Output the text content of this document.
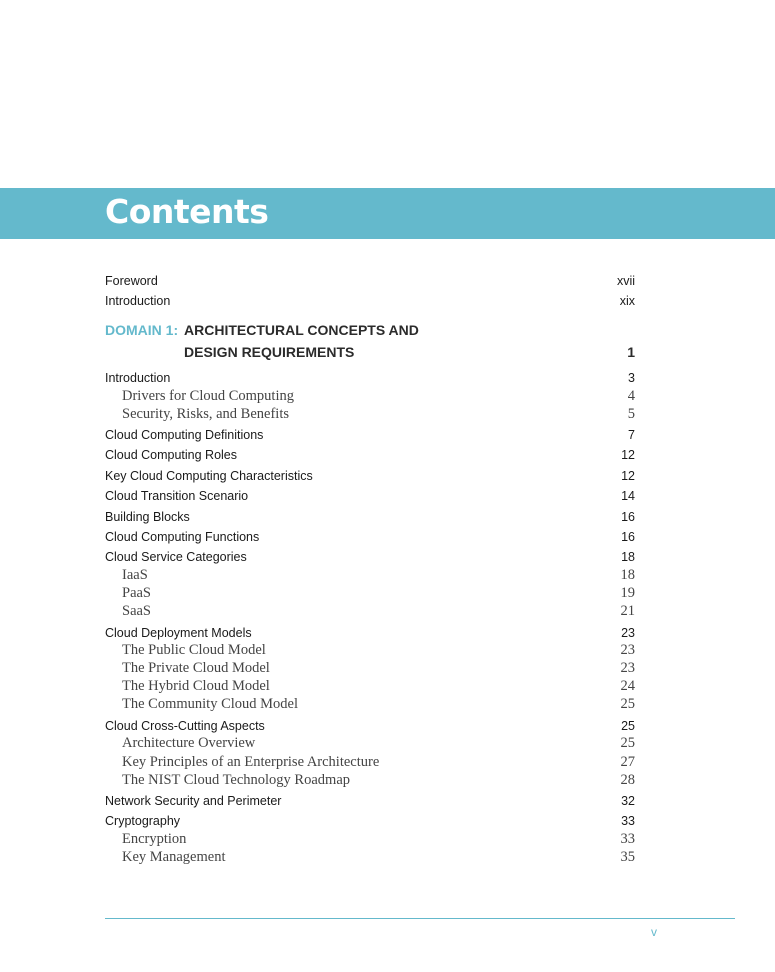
Contents
Foreword	xvii
Introduction	xix
DOMAIN 1: ARCHITECTURAL CONCEPTS AND
DESIGN REQUIREMENTS	1
Introduction	3
Drivers for Cloud Computing	4
Security, Risks, and Benefits	5
Cloud Computing Definitions	7
Cloud Computing Roles	12
Key Cloud Computing Characteristics	12
Cloud Transition Scenario	14
Building Blocks	16
Cloud Computing Functions	16
Cloud Service Categories	18
IaaS	18
PaaS	19
SaaS	21
Cloud Deployment Models	23
The Public Cloud Model	23
The Private Cloud Model	23
The Hybrid Cloud Model	24
The Community Cloud Model	25
Cloud Cross-Cutting Aspects	25
Architecture Overview	25
Key Principles of an Enterprise Architecture	27
The NIST Cloud Technology Roadmap	28
Network Security and Perimeter	32
Cryptography	33
Encryption	33
Key Management	35
v
